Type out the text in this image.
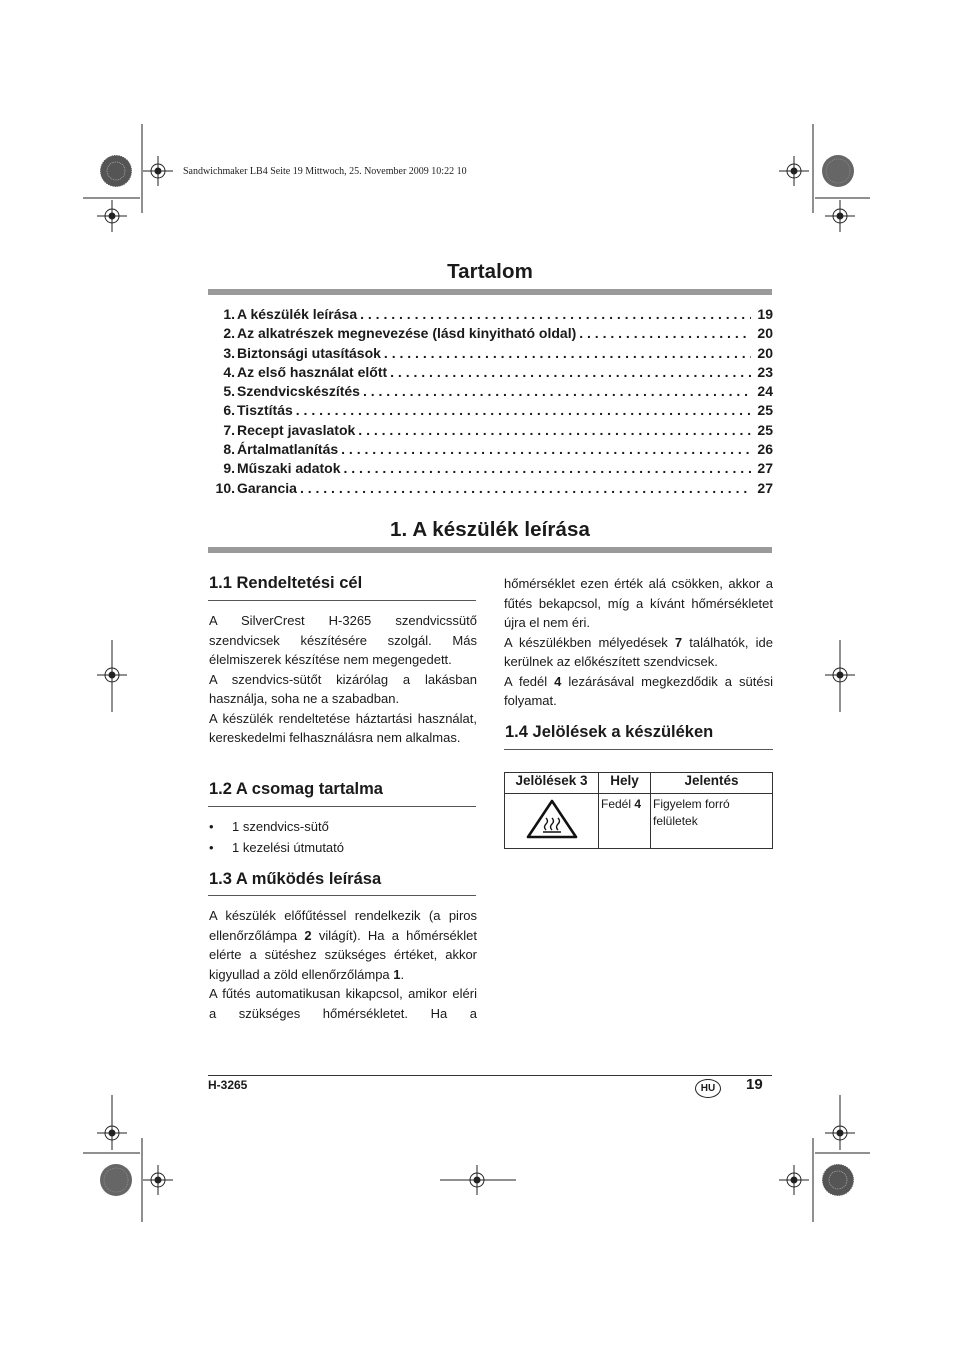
Sandwichmaker LB4 Seite 19 Mittwoch, 25. November 2009 10:22 10
Tartalom
1. A készülék leírása . . .	19
2. Az alkatrészek megnevezése (lásd kinyitható oldal) . . .	20
3. Biztonsági utasítások . . .	20
4. Az első használat előtt . . .	23
5. Szendvicskészítés . . .	24
6. Tisztítás . . .	25
7. Recept javaslatok . . .	25
8. Ártalmatlanítás . . .	26
9. Műszaki adatok . . .	27
10. Garancia . . .	27
1. A készülék leírása
1.1 Rendeltetési cél

A SilverCrest H-3265 szendvicssütő szendvicsek készítésére szolgál. Más élelmiszerek készítése nem megengedett.

A szendvics-sütőt kizárólag a lakásban használja, soha ne a szabadban.

A készülék rendeltetése háztartási használat, kereskedelmi felhasználásra nem alkalmas.

1.2 A csomag tartalma
•	1 szendvics-sütő
•	1 kezelési útmutató
1.3 A működés leírása

A készülék előfűtéssel rendelkezik (a piros ellenőrzőlámpa 2 világít). Ha a hőmérséklet elérte a sütéshez szükséges értéket, akkor kigyullad a zöld ellenőrzőlámpa 1.

A fűtés automatikusan kikapcsol, amikor eléri a szükséges hőmérsékletet. Ha a

hőmérséklet ezen érték alá csökken, akkor a fűtés bekapcsol, míg a kívánt hőmérsékletet újra el nem éri.

A készülékben mélyedések 7 találhatók, ide kerülnek az előkészített szendvicsek.

A fedél 4 lezárásával megkezdődik a sütési folyamat.

1.4 Jelölések a készüléken
Jelölések 3	Hely	Jelentés
	Fedél 4	Figyelem forró felületek
H-3265	HU	19
